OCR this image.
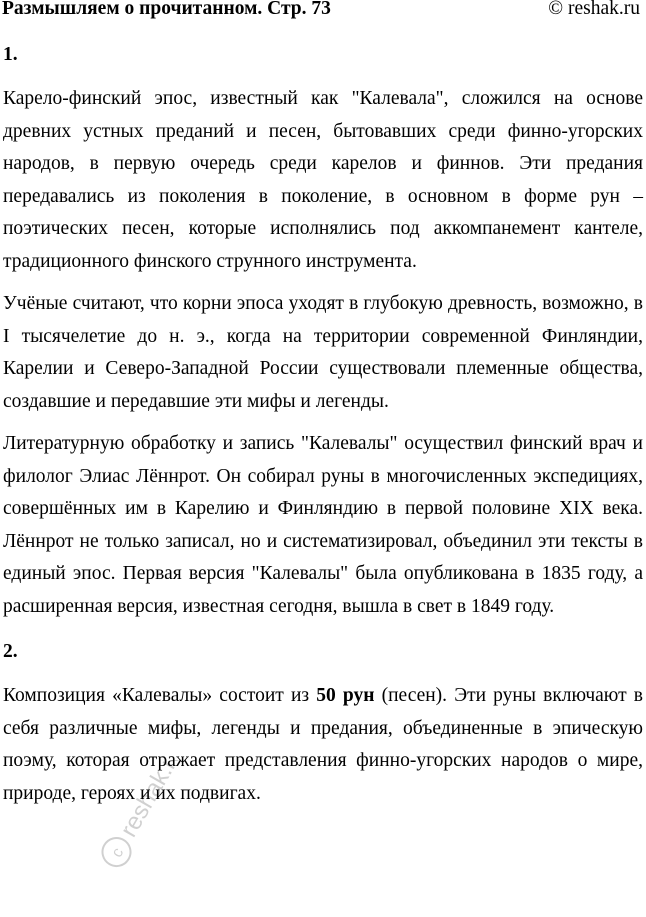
Размышляем о прочитанном. Стр. 73	© reshak.ru
1.

Карело-финский эпос, известный как "Калевала", сложился на основе древних устных преданий и песен, бытовавших среди финно-угорских народов, в первую очередь среди карелов и финнов. Эти предания передавались из поколения в поколение, в основном в форме рун – поэтических песен, которые исполнялись под аккомпанемент кантеле, традиционного финского струнного инструмента.

Учёные считают, что корни эпоса уходят в глубокую древность, возможно, в I тысячелетие до н. э., когда на территории современной Финляндии, Карелии и Северо-Западной России существовали племенные общества, создавшие и передавшие эти мифы и легенды.

Литературную обработку и запись "Калевалы" осуществил финский врач и филолог Элиас Лённрот. Он собирал руны в многочисленных экспедициях, совершённых им в Карелию и Финляндию в первой половине XIX века. Лённрот не только записал, но и систематизировал, объединил эти тексты в единый эпос. Первая версия "Калевалы" была опубликована в 1835 году, а расширенная версия, известная сегодня, вышла в свет в 1849 году.

2.

Композиция «Калевалы» состоит из 50 рун (песен). Эти руны включают в себя различные мифы, легенды и предания, объединенные в эпическую поэму, которая отражает представления финно-угорских народов о мире, природе, героях и их подвигах.

c
reshak.ru
